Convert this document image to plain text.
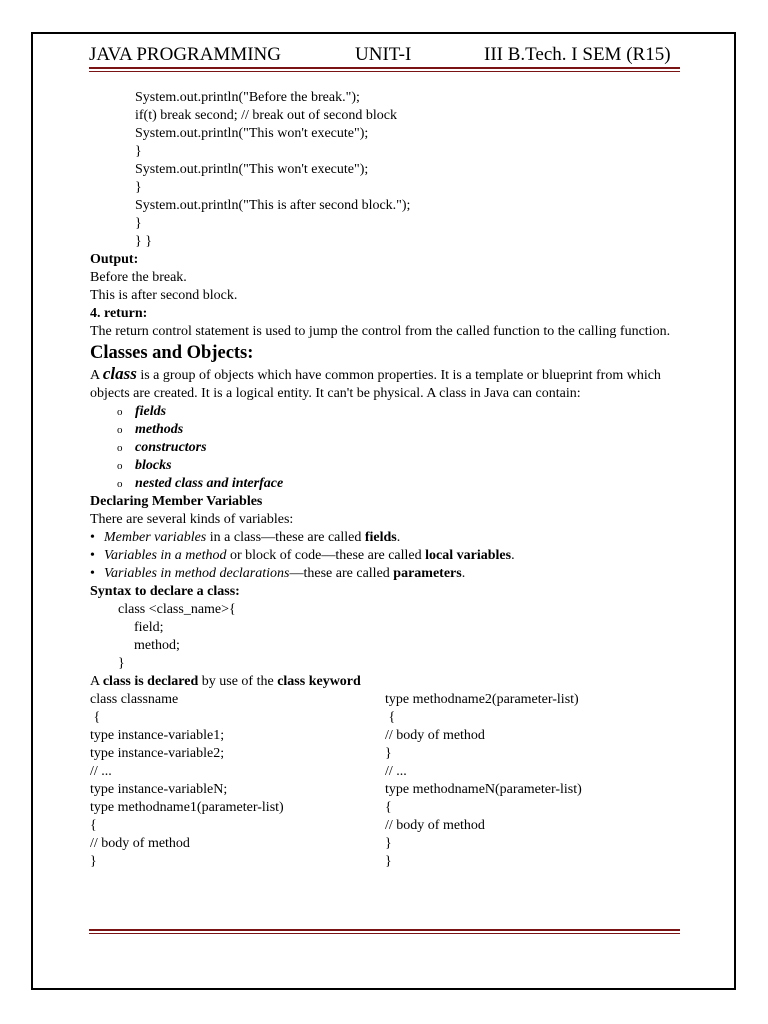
JAVA PROGRAMMING	UNIT-I	III B.Tech. I SEM (R15)

System.out.println("Before the break.");

if(t) break second; // break out of second block

System.out.println("This won't execute");

}

System.out.println("This won't execute");

}

System.out.println("This is after second block.");

}

} }

Output:

Before the break.

This is after second block.

4. return:

The return control statement is used to jump the control from the called function to the calling function.

Classes and Objects:

A class is a group of objects which have common properties. It is a template or blueprint from which objects are created. It is a logical entity. It can't be physical. A class in Java can contain:

o fields
o methods
o constructors
o blocks
o nested class and interface

Declaring Member Variables

There are several kinds of variables:

• Member variables in a class—these are called fields.
• Variables in a method or block of code—these are called local variables.
• Variables in method declarations—these are called parameters.

Syntax to declare a class:

class <class_name>{

field;

method;

}

A class is declared by use of the class keyword

class classname

{

type instance-variable1;

type instance-variable2;

// ...

type instance-variableN;

type methodname1(parameter-list)

{

// body of method

}

type methodname2(parameter-list)

{

// body of method

}

// ...

type methodnameN(parameter-list)

{

// body of method

}

}
